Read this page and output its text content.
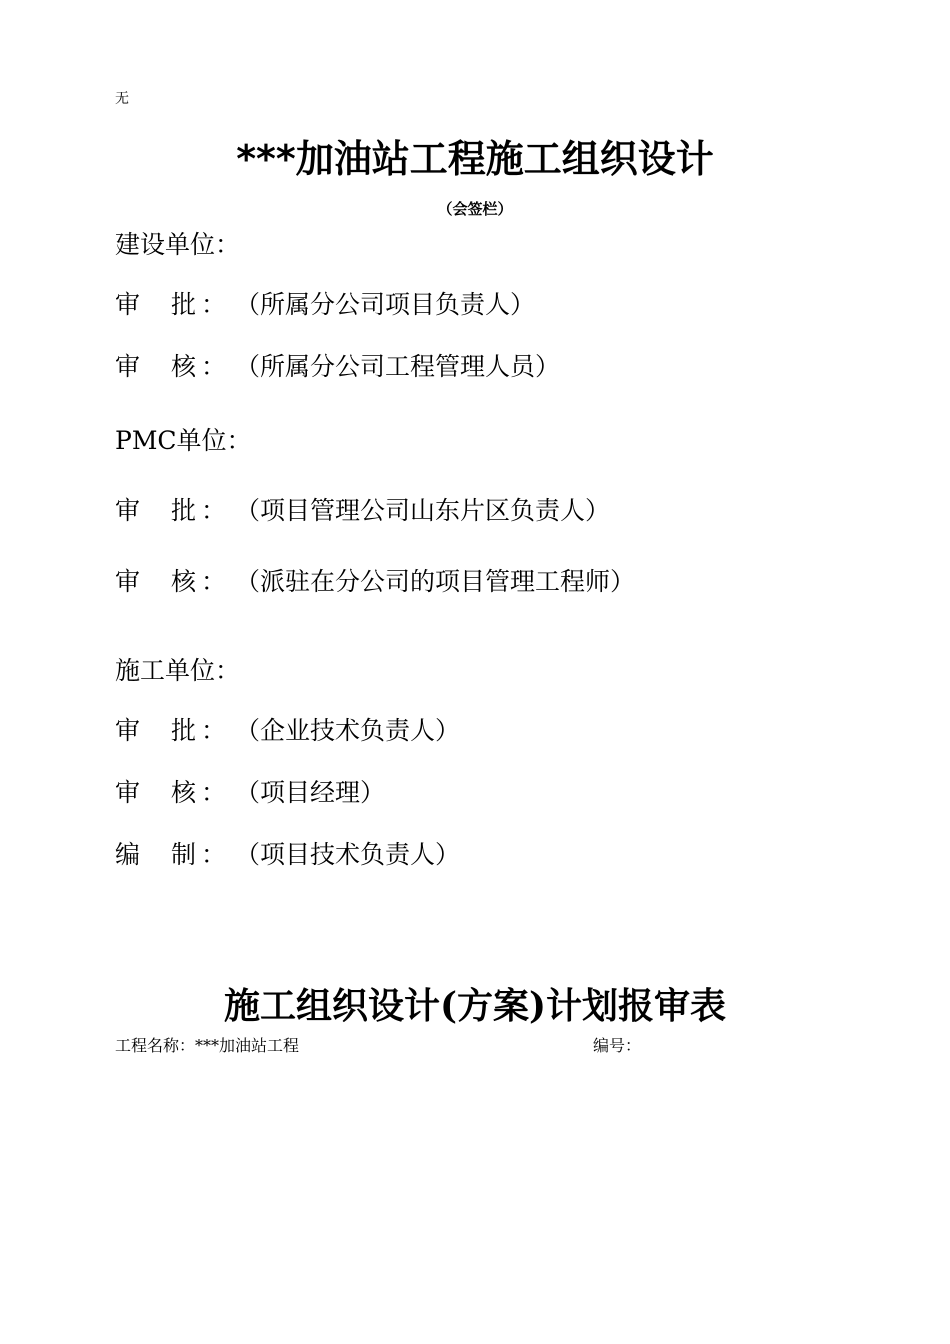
无
***加油站工程施工组织设计
（会签栏）
建设单位：
审 批 ： （所属分公司项目负责人）
审 核 ： （所属分公司工程管理人员）
PMC单位：
审 批 ： （项目管理公司山东片区负责人）
审 核 ： （派驻在分公司的项目管理工程师）
施工单位：
审 批 ： （企业技术负责人）
审 核 ： （项目经理）
编 制 ： （项目技术负责人）
施工组织设计(方案)计划报审表
工程名称：***加油站工程	编号：
